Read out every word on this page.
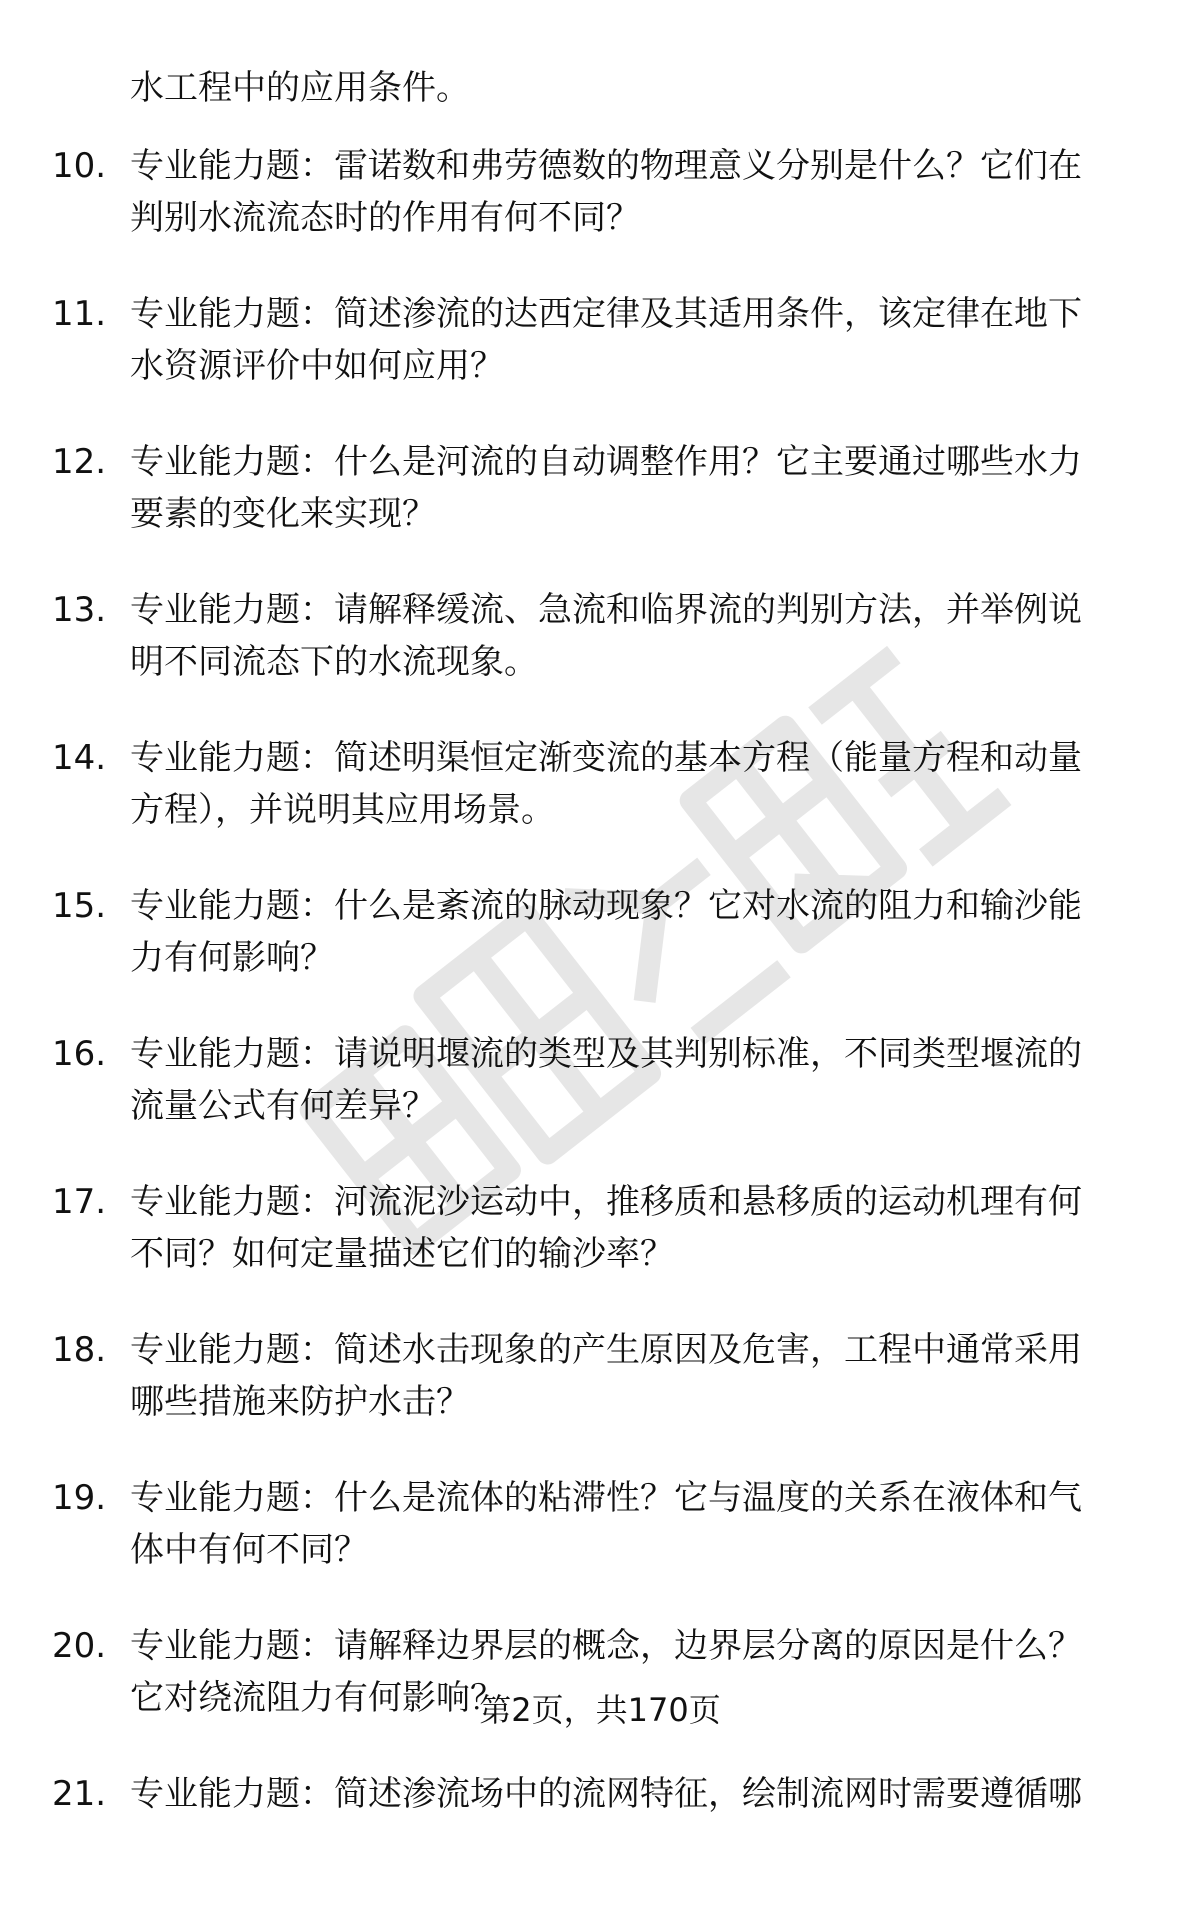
水工程中的应用条件。

10. 专业能力题：雷诺数和弗劳德数的物理意义分别是什么？它们在
判别水流流态时的作用有何不同？
11. 专业能力题：简述渗流的达西定律及其适用条件，该定律在地下
水资源评价中如何应用？
12. 专业能力题：什么是河流的自动调整作用？它主要通过哪些水力
要素的变化来实现？
13. 专业能力题：请解释缓流、急流和临界流的判别方法，并举例说
明不同流态下的水流现象。
14. 专业能力题：简述明渠恒定渐变流的基本方程（能量方程和动量
方程），并说明其应用场景。
15. 专业能力题：什么是紊流的脉动现象？它对水流的阻力和输沙能
力有何影响？
16. 专业能力题：请说明堰流的类型及其判别标准，不同类型堰流的
流量公式有何差异？
17. 专业能力题：河流泥沙运动中，推移质和悬移质的运动机理有何
不同？如何定量描述它们的输沙率？
18. 专业能力题：简述水击现象的产生原因及危害，工程中通常采用
哪些措施来防护水击？
19. 专业能力题：什么是流体的粘滞性？它与温度的关系在液体和气
体中有何不同？
20. 专业能力题：请解释边界层的概念，边界层分离的原因是什么？
它对绕流阻力有何影响？
21. 专业能力题：简述渗流场中的流网特征，绘制流网时需要遵循哪
第2页，共170页
